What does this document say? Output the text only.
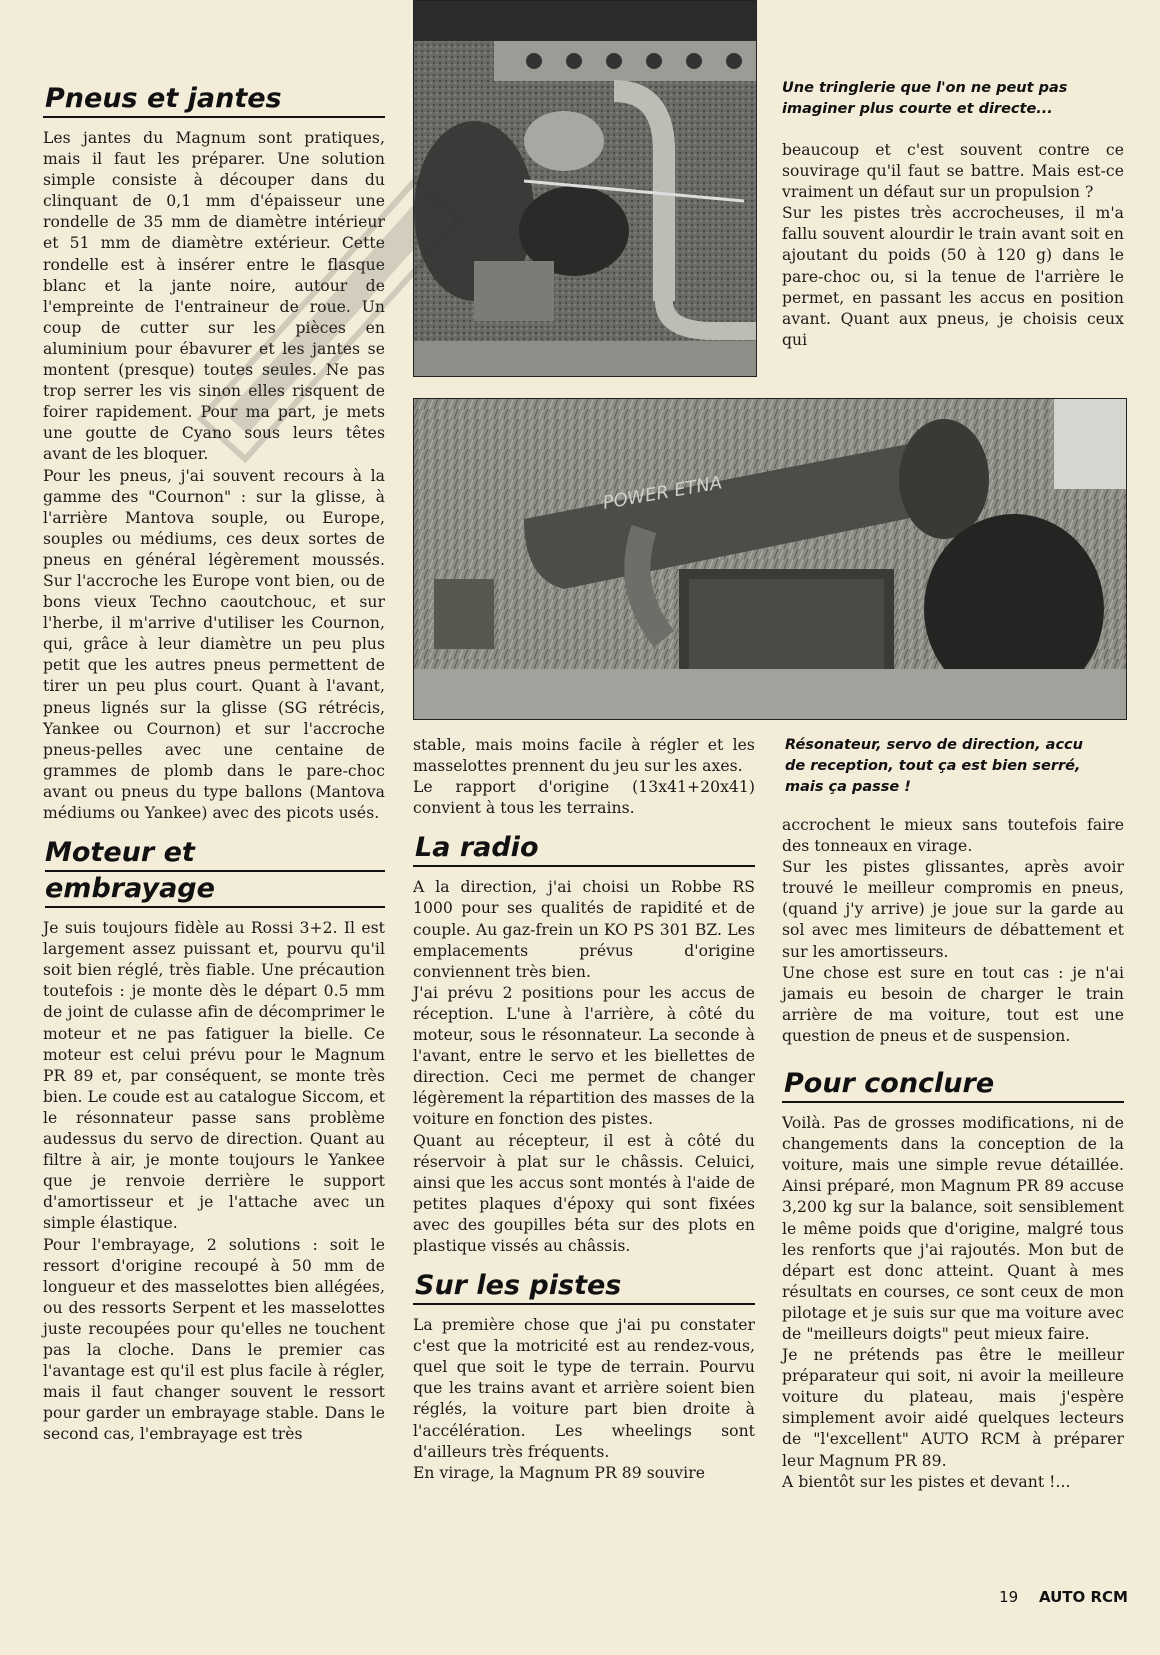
Pneus et jantes

Les jantes du Magnum sont pratiques, mais il faut les préparer. Une solution simple consiste à découper dans du clinquant de 0,1 mm d'épaisseur une rondelle de 35 mm de diamètre intérieur et 51 mm de diamètre extérieur. Cette rondelle est à insérer entre le flasque blanc et la jante noire, autour de l'empreinte de l'entraineur de roue. Un coup de cutter sur les pièces en aluminium pour ébavurer et les jantes se montent (presque) toutes seules. Ne pas trop serrer les vis sinon elles risquent de foirer rapidement. Pour ma part, je mets une goutte de Cyano sous leurs têtes avant de les bloquer.

Pour les pneus, j'ai souvent recours à la gamme des "Cournon" : sur la glisse, à l'arrière Mantova souple, ou Europe, souples ou médiums, ces deux sortes de pneus en général légèrement moussés. Sur l'accroche les Europe vont bien, ou de bons vieux Techno caoutchouc, et sur l'herbe, il m'arrive d'utiliser les Cournon, qui, grâce à leur diamètre un peu plus petit que les autres pneus permettent de tirer un peu plus court. Quant à l'avant, pneus lignés sur la glisse (SG rétrécis, Yankee ou Cournon) et sur l'accroche pneus-pelles avec une centaine de grammes de plomb dans le pare-choc avant ou pneus du type ballons (Mantova médiums ou Yankee) avec des picots usés.

Moteur et
embrayage

Je suis toujours fidèle au Rossi 3+2. Il est largement assez puissant et, pourvu qu'il soit bien réglé, très fiable. Une précaution toutefois : je monte dès le départ 0.5 mm de joint de culasse afin de décomprimer le moteur et ne pas fatiguer la bielle. Ce moteur est celui prévu pour le Magnum PR 89 et, par conséquent, se monte très bien. Le coude est au catalogue Siccom, et le résonnateur passe sans problème audessus du servo de direction. Quant au filtre à air, je monte toujours le Yankee que je renvoie derrière le support d'amortisseur et je l'attache avec un simple élastique.

Pour l'embrayage, 2 solutions : soit le ressort d'origine recoupé à 50 mm de longueur et des masselottes bien allégées, ou des ressorts Serpent et les masselottes juste recoupées pour qu'elles ne touchent pas la cloche. Dans le premier cas l'avantage est qu'il est plus facile à régler, mais il faut changer souvent le ressort pour garder un embrayage stable. Dans le second cas, l'embrayage est très

Une tringlerie que l'on ne peut pas
imaginer plus courte et directe...

beaucoup et c'est souvent contre ce souvirage qu'il faut se battre. Mais est-ce vraiment un défaut sur un propulsion ?

Sur les pistes très accrocheuses, il m'a fallu souvent alourdir le train avant soit en ajoutant du poids (50 à 120 g) dans le pare-choc ou, si la tenue de l'arrière le permet, en passant les accus en position avant. Quant aux pneus, je choisis ceux qui

POWER ETNA

stable, mais moins facile à régler et les masselottes prennent du jeu sur les axes.

Le rapport d'origine (13x41+20x41) convient à tous les terrains.

La radio

A la direction, j'ai choisi un Robbe RS 1000 pour ses qualités de rapidité et de couple. Au gaz-frein un KO PS 301 BZ. Les emplacements prévus d'origine conviennent très bien.

J'ai prévu 2 positions pour les accus de réception. L'une à l'arrière, à côté du moteur, sous le résonnateur. La seconde à l'avant, entre le servo et les biellettes de direction. Ceci me permet de changer légèrement la répartition des masses de la voiture en fonction des pistes.

Quant au récepteur, il est à côté du réservoir à plat sur le châssis. Celuici, ainsi que les accus sont montés à l'aide de petites plaques d'époxy qui sont fixées avec des goupilles béta sur des plots en plastique vissés au châssis.

Sur les pistes

La première chose que j'ai pu constater c'est que la motricité est au rendez-vous, quel que soit le type de terrain. Pourvu que les trains avant et arrière soient bien réglés, la voiture part bien droite à l'accélération. Les wheelings sont d'ailleurs très fréquents.

En virage, la Magnum PR 89 souvire

Résonateur, servo de direction, accu
de reception, tout ça est bien serré,
mais ça passe !

accrochent le mieux sans toutefois faire des tonneaux en virage.

Sur les pistes glissantes, après avoir trouvé le meilleur compromis en pneus, (quand j'y arrive) je joue sur la garde au sol avec mes limiteurs de débattement et sur les amortisseurs.

Une chose est sure en tout cas : je n'ai jamais eu besoin de charger le train arrière de ma voiture, tout est une question de pneus et de suspension.

Pour conclure

Voilà. Pas de grosses modifications, ni de changements dans la conception de la voiture, mais une simple revue détaillée. Ainsi préparé, mon Magnum PR 89 accuse 3,200 kg sur la balance, soit sensiblement le même poids que d'origine, malgré tous les renforts que j'ai rajoutés. Mon but de départ est donc atteint. Quant à mes résultats en courses, ce sont ceux de mon pilotage et je suis sur que ma voiture avec de "meilleurs doigts" peut mieux faire.

Je ne prétends pas être le meilleur préparateur qui soit, ni avoir la meilleure voiture du plateau, mais j'espère simplement avoir aidé quelques lecteurs de "l'excellent" AUTO RCM à préparer leur Magnum PR 89.

A bientôt sur les pistes et devant !...

19 AUTO RCM
